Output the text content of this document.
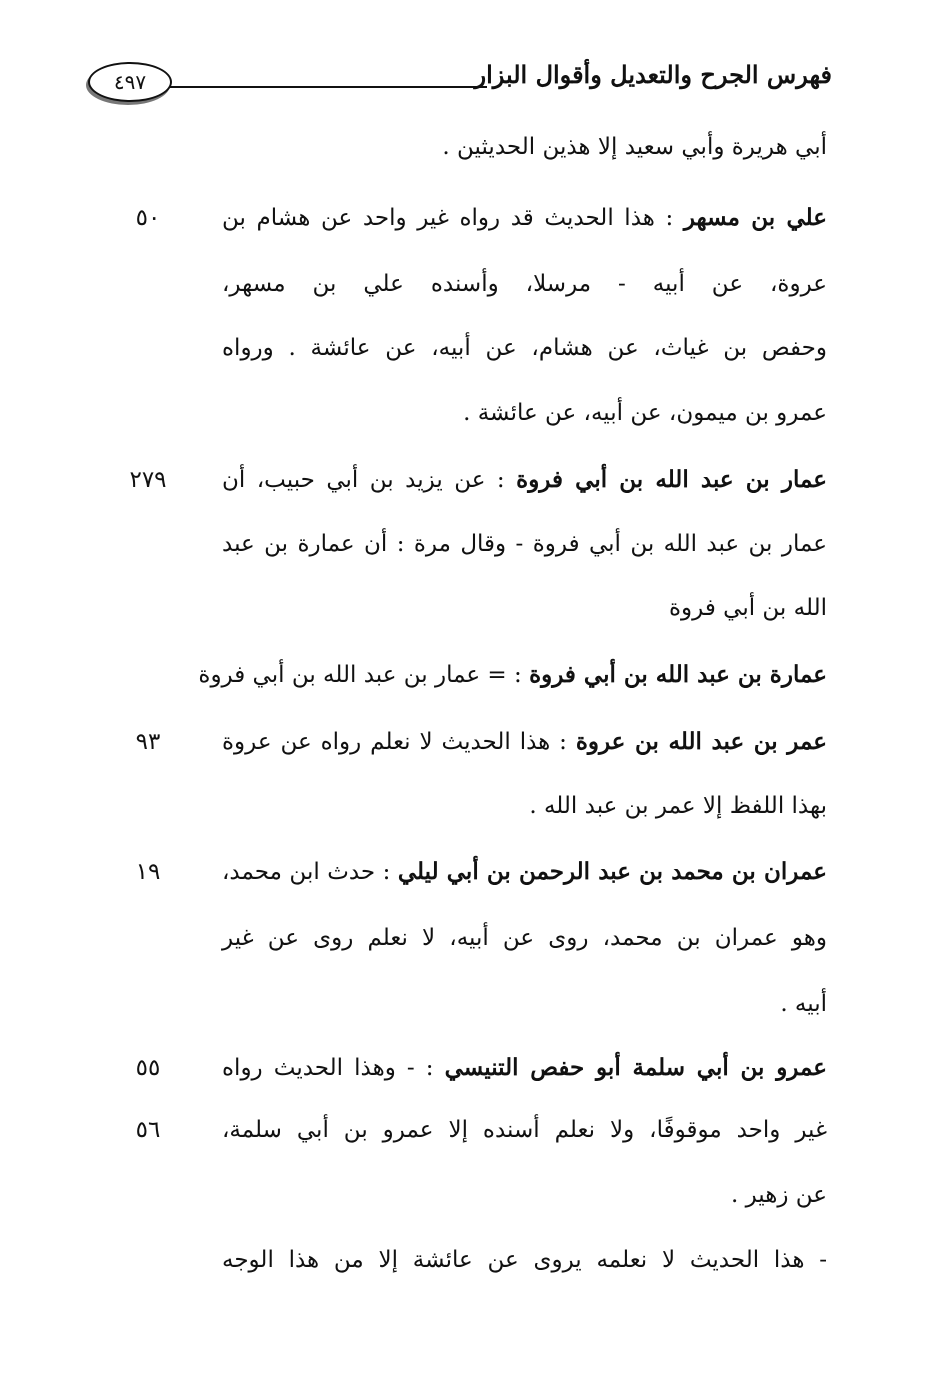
فهرس الجرح والتعديل وأقوال البزار
٤٩٧
أبي هريرة وأبي سعيد إلا هذين الحديثين .
٥٠	علي بن مسهر : هذا الحديث قد رواه غير واحد عن هشام بن
عروة، عن أبيه - مرسلا، وأسنده علي بن مسهر،
وحفص بن غياث، عن هشام، عن أبيه، عن عائشة . ورواه
عمرو بن ميمون، عن أبيه، عن عائشة .
٢٧٩	عمار بن عبد الله بن أبي فروة : عن يزيد بن أبي حبيب، أن
عمار بن عبد الله بن أبي فروة - وقال مرة : أن عمارة بن عبد
الله بن أبي فروة
عمارة بن عبد الله بن أبي فروة : = عمار بن عبد الله بن أبي فروة
٩٣	عمر بن عبد الله بن عروة : هذا الحديث لا نعلم رواه عن عروة
بهذا اللفظ إلا عمر بن عبد الله .
١٩	عمران بن محمد بن عبد الرحمن بن أبي ليلي : حدث ابن محمد،
وهو عمران بن محمد، روى عن أبيه، لا نعلم روى عن غير
أبيه .
٥٥	عمرو بن أبي سلمة أبو حفص التنيسي : - وهذا الحديث رواه
٥٦	غير واحد موقوفًا، ولا نعلم أسنده إلا عمرو بن أبي سلمة،
عن زهير .
- هذا الحديث لا نعلمه يروى عن عائشة إلا من هذا الوجه
